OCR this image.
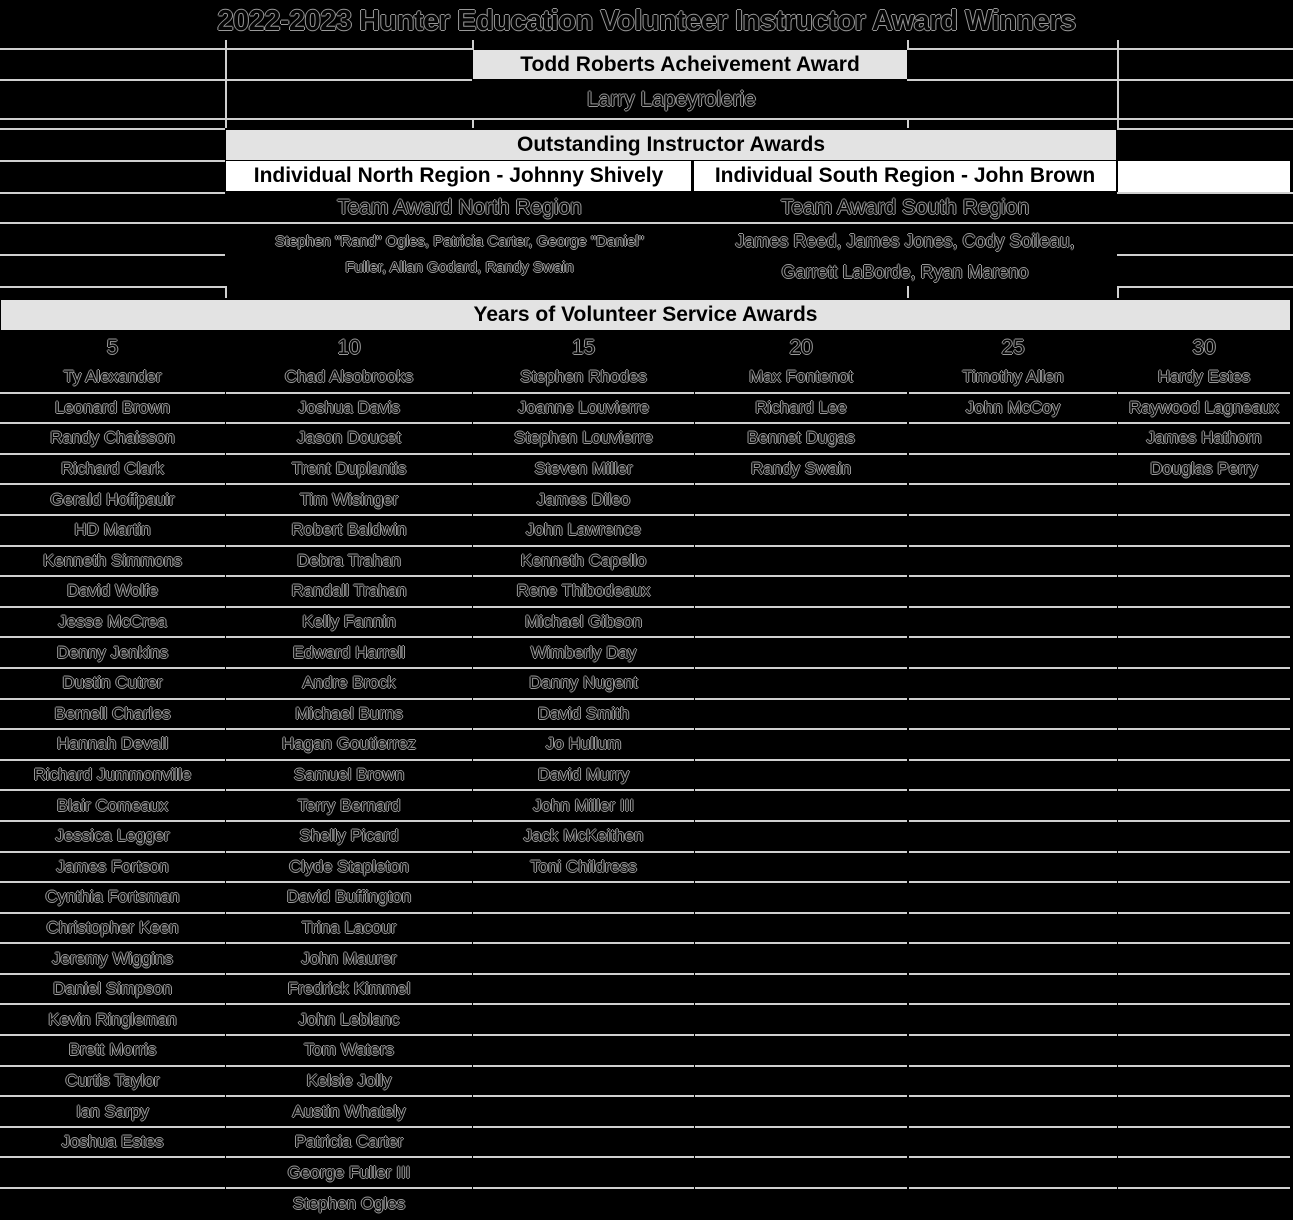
2022-2023 Hunter Education Volunteer Instructor Award Winners
Todd Roberts Acheivement Award
Larry Lapeyrolerie
Outstanding Instructor Awards
Individual North Region - Johnny Shively	Individual South Region - John Brown
Team Award North Region	Team Award South Region
Stephen "Rand" Ogles, Patricia Carter, George "Daniel"
Fuller, Allan Godard, Randy Swain
James Reed, James Jones, Cody Soileau,
Garrett LaBorde, Ryan Mareno
Years of Volunteer Service Awards
5
Ty Alexander
Leonard Brown
Randy Chaisson
Richard Clark
Gerald Hoffpauir
HD Martin
Kenneth Simmons
David Wolfe
Jesse McCrea
Denny Jenkins
Dustin Cutrer
Bernell Charles
Hannah Devall
Richard Jummonville
Blair Comeaux
Jessica Legger
James Fortson
Cynthia Fortsman
Christopher Keen
Jeremy Wiggins
Daniel Simpson
Kevin Ringleman
Brett Morris
Curtis Taylor
Ian Sarpy
Joshua Estes
10
Chad Alsobrooks
Joshua Davis
Jason Doucet
Trent Duplantis
Tim Wisinger
Robert Baldwin
Debra Trahan
Randall Trahan
Kelly Fannin
Edward Harrell
Andre Brock
Michael Burns
Hagan Goutierrez
Samuel Brown
Terry Bernard
Shelly Picard
Clyde Stapleton
David Buffington
Trina Lacour
John Maurer
Fredrick Kimmel
John Leblanc
Tom Waters
Kelsie Jolly
Austin Whately
Patricia Carter
George Fuller III
Stephen Ogles
15
Stephen Rhodes
Joanne Louvierre
Stephen Louvierre
Steven Miller
James Dileo
John Lawrence
Kenneth Capello
Rene Thibodeaux
Michael Gibson
Wimberly Day
Danny Nugent
David Smith
Jo Hullum
David Murry
John Miller III
Jack McKeithen
Toni Childress
20
Max Fontenot
Richard Lee
Bennet Dugas
Randy Swain
25
Timothy Allen
John McCoy
30
Hardy Estes
Raywood Lagneaux
James Hathorn
Douglas Perry
